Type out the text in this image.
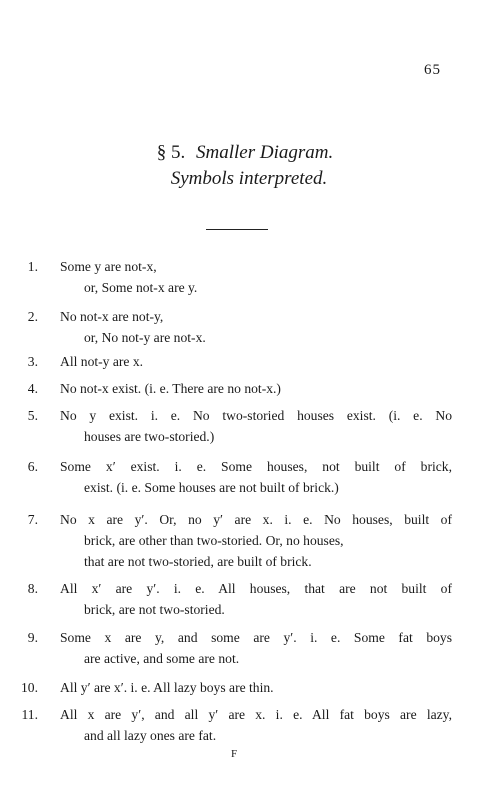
65
§ 5. Smaller Diagram.
Symbols interpreted.
1. Some y are not-x,
or, Some not-x are y.
2. No not-x are not-y,
or, No not-y are not-x.
3. All not-y are x.
4. No not-x exist. (i. e. There are no not-x.)
5. No y exist. i. e. No two-storied houses exist. (i. e. No
houses are two-storied.)
6. Some x′ exist. i. e. Some houses, not built of brick,
exist. (i. e. Some houses are not built of brick.)
7. No x are y′. Or, no y′ are x. i. e. No houses, built of
brick, are other than two-storied. Or, no houses,
that are not two-storied, are built of brick.
8. All x′ are y′. i. e. All houses, that are not built of
brick, are not two-storied.
9. Some x are y, and some are y′. i. e. Some fat boys
are active, and some are not.
10. All y′ are x′. i. e. All lazy boys are thin.
11. All x are y′, and all y′ are x. i. e. All fat boys are lazy,
and all lazy ones are fat.
F
